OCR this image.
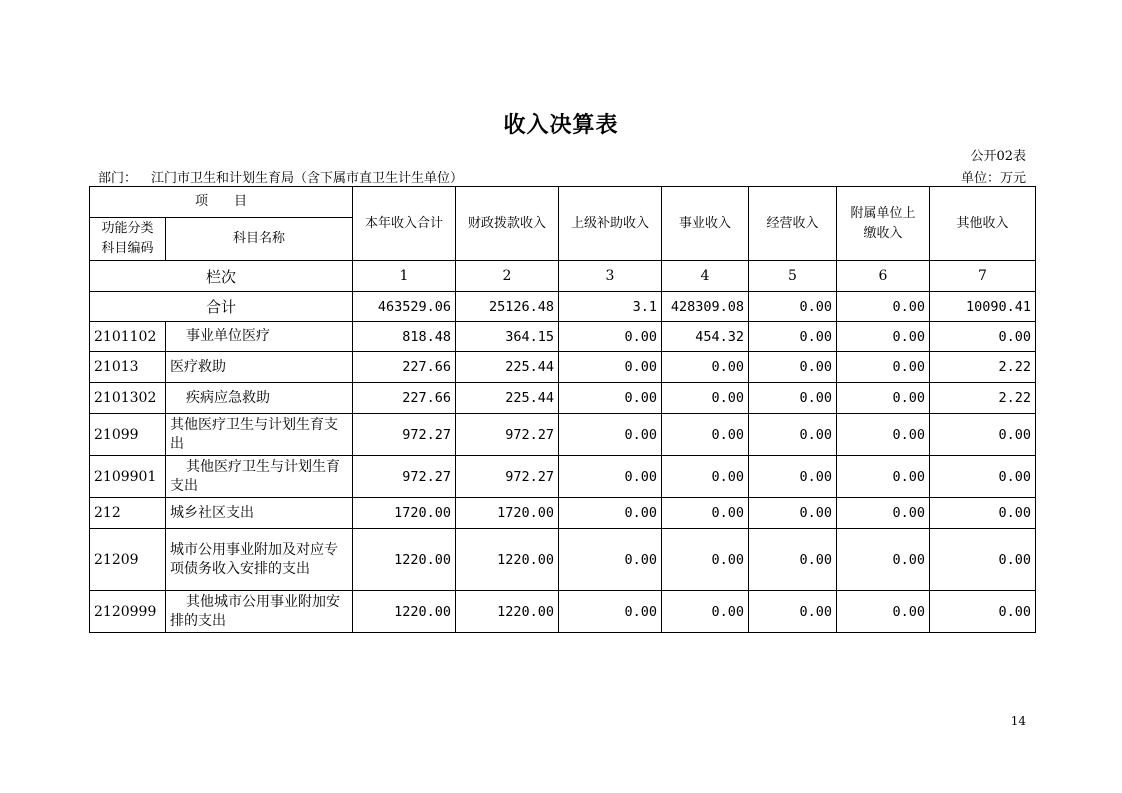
收入决算表
公开02表
部门： 江门市卫生和计划生育局（含下属市直卫生计生单位）	单位：万元
项　　目		本年收入合计	财政拨款收入	上级补助收入	事业收入	经营收入	附属单位上缴收入	其他收入
功能分类科目编码	科目名称							
栏次		1	2	3	4	5	6	7
合计		463529.06	25126.48	3.1	428309.08	0.00	0.00	10090.41
2101102	事业单位医疗	818.48	364.15	0.00	454.32	0.00	0.00	0.00
21013	医疗救助	227.66	225.44	0.00	0.00	0.00	0.00	2.22
2101302	疾病应急救助	227.66	225.44	0.00	0.00	0.00	0.00	2.22
21099	其他医疗卫生与计划生育支出	972.27	972.27	0.00	0.00	0.00	0.00	0.00
2109901	其他医疗卫生与计划生育支出	972.27	972.27	0.00	0.00	0.00	0.00	0.00
212	城乡社区支出	1720.00	1720.00	0.00	0.00	0.00	0.00	0.00
21209	城市公用事业附加及对应专项债务收入安排的支出	1220.00	1220.00	0.00	0.00	0.00	0.00	0.00
2120999	其他城市公用事业附加安排的支出	1220.00	1220.00	0.00	0.00	0.00	0.00	0.00
14
